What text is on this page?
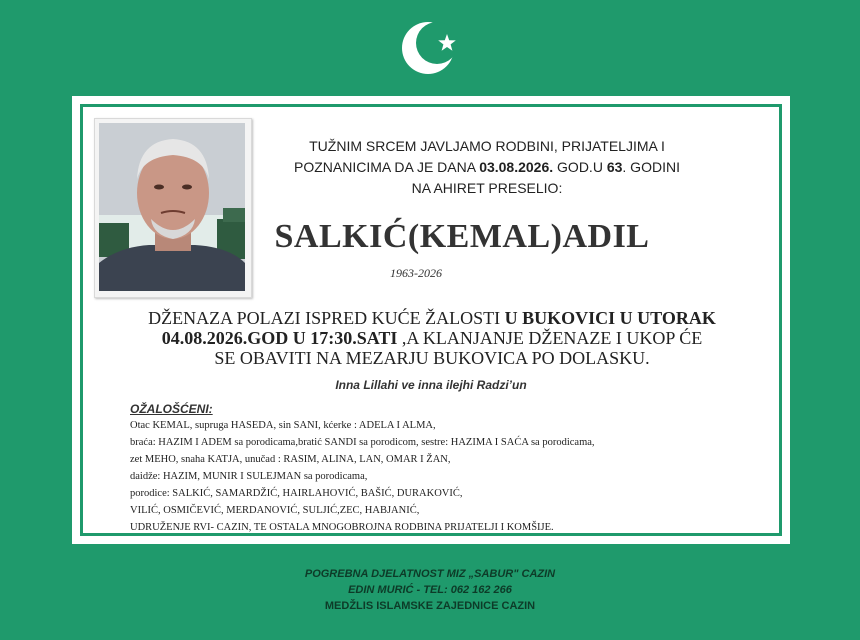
TUŽNIM SRCEM JAVLJAMO RODBINI, PRIJATELJIMA I
POZNANICIMA DA JE DANA 03.08.2026. GOD.U 63. GODINI
NA AHIRET PRESELIO:
SALKIĆ(KEMAL)ADIL
1963-2026
DŽENAZA POLAZI ISPRED KUĆE ŽALOSTI U BUKOVICI U UTORAK
04.08.2026.GOD U 17:30.SATI ,A KLANJANJE DŽENAZE I UKOP ĆE
SE OBAVITI NA MEZARJU BUKOVICA PO DOLASKU.
Inna Lillahi ve inna ilejhi Radzi’un
OŽALOŠĆENI:
Otac KEMAL, supruga HASEDA, sin SANI, kćerke : ADELA I ALMA,
braća: HAZIM I ADEM sa porodicama,bratić SANDI sa porodicom, sestre: HAZIMA I SAĆA sa porodicama,
zet MEHO, snaha KATJA, unučad : RASIM, ALINA, LAN, OMAR I ŽAN,
daidže: HAZIM, MUNIR I SULEJMAN sa porodicama,
porodice: SALKIĆ, SAMARDŽIĆ, HAIRLAHOVIĆ, BAŠIĆ, DURAKOVIĆ,
VILIĆ, OSMIČEVIĆ, MERDANOVIĆ, SULJIĆ,ZEC, HABJANIĆ,
UDRUŽENJE RVI- CAZIN, TE OSTALA MNOGOBROJNA RODBINA PRIJATELJI I KOMŠIJE.
POGREBNA DJELATNOST MIZ „SABUR" CAZIN
EDIN MURIĆ - TEL: 062 162 266
MEDŽLIS ISLAMSKE ZAJEDNICE CAZIN
